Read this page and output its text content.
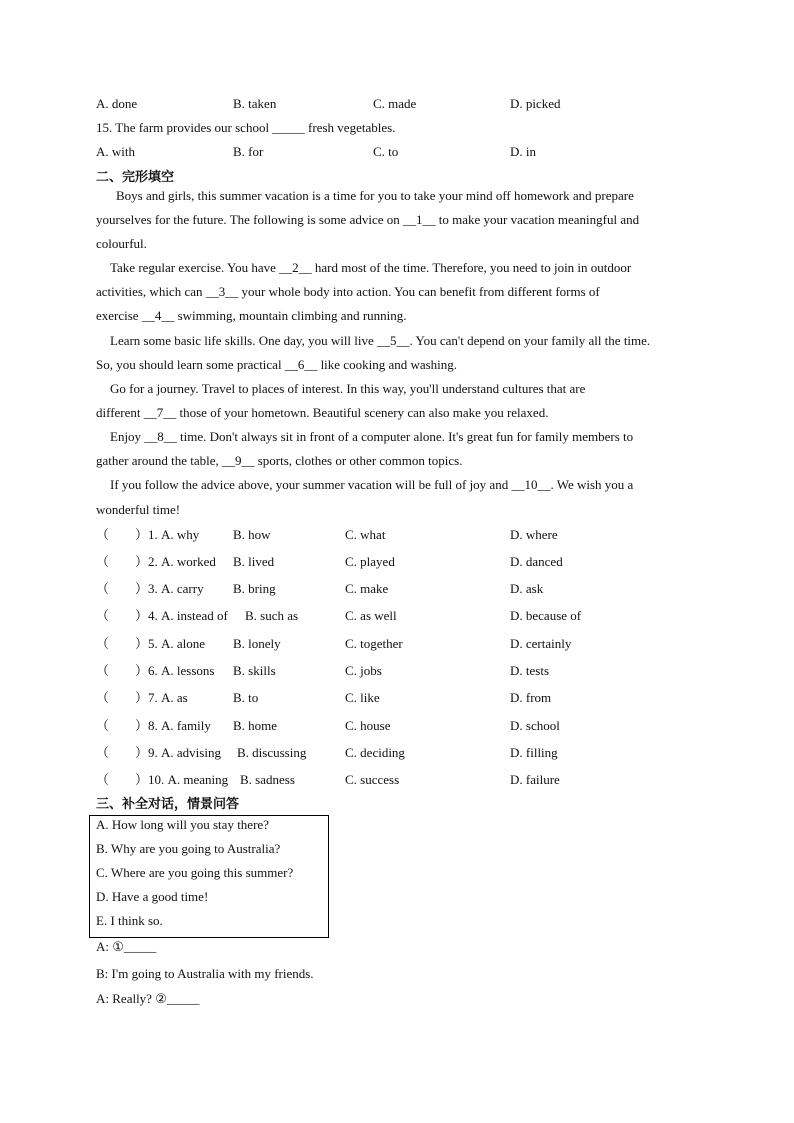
A. done	B. taken	C. made	D. picked
15. The farm provides our school _____ fresh vegetables.
A. with	B. for	C. to	D. in
二、完形填空
Boys and girls, this summer vacation is a time for you to take your mind off homework and prepare
yourselves for the future. The following is some advice on __1__ to make your vacation meaningful and
colourful.
Take regular exercise. You have __2__ hard most of the time. Therefore, you need to join in outdoor
activities, which can __3__ your whole body into action. You can benefit from different forms of
exercise __4__ swimming, mountain climbing and running.
Learn some basic life skills. One day, you will live __5__. You can't depend on your family all the time.
So, you should learn some practical __6__ like cooking and washing.
Go for a journey. Travel to places of interest. In this way, you'll understand cultures that are
different __7__ those of your hometown. Beautiful scenery can also make you relaxed.
Enjoy __8__ time. Don't always sit in front of a computer alone. It's great fun for family members to
gather around the table, __9__ sports, clothes or other common topics.
If you follow the advice above, your summer vacation will be full of joy and __10__. We wish you a
wonderful time!
（　　）1. A. why	B. how	C. what	D. where
（　　）2. A. worked B. lived	C. played	D. danced
（　　）3. A. carry B. bring	C. make	D. ask
（　　）4. A. instead of B. such as	C. as well	D. because of
（　　）5. A. alone B. lonely	C. together	D. certainly
（　　）6. A. lessons B. skills	C. jobs	D. tests
（　　）7. A. as	B. to	C. like	D. from
（　　）8. A. family B. home	C. house	D. school
（　　）9. A. advising B. discussing	C. deciding	D. filling
（　　）10. A. meaning B. sadness	C. success	D. failure
三、补全对话，情景问答
A. How long will you stay there?
B. Why are you going to Australia?
C. Where are you going this summer?
D. Have a good time!
E. I think so.
A: ①_____
B: I'm going to Australia with my friends.
A: Really? ②_____
